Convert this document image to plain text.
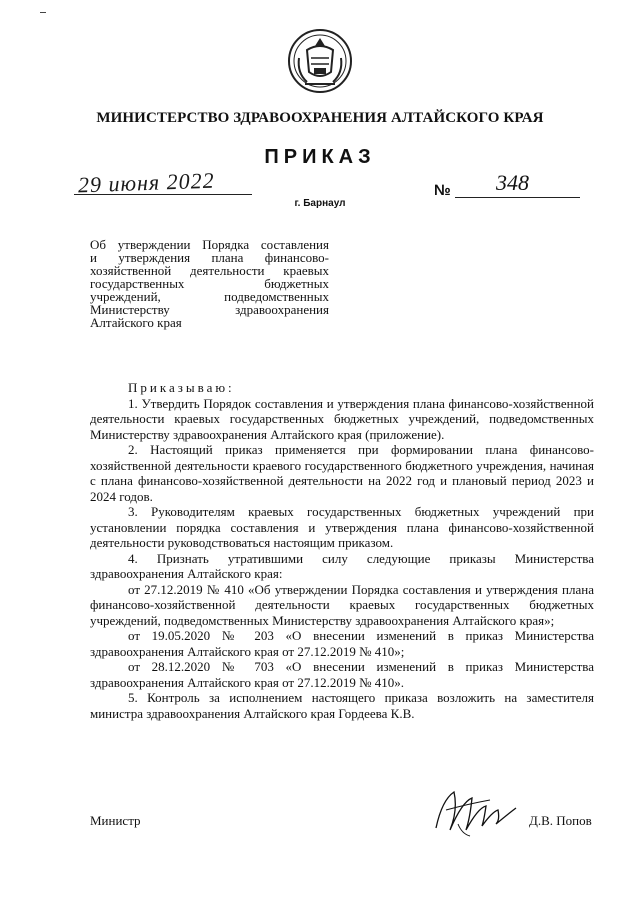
МИНИСТЕРСТВО ЗДРАВООХРАНЕНИЯ АЛТАЙСКОГО КРАЯ
ПРИКАЗ
29 июня 2022	№ 348
г. Барнаул
Об утверждении Порядка составления
и утверждения плана финансово-
хозяйственной деятельности краевых
государственных бюджетных
учреждений, подведомственных
Министерству здравоохранения
Алтайского края

Приказываю:

1. Утвердить Порядок составления и утверждения плана финансово-хозяйственной деятельности краевых государственных бюджетных учреждений, подведомственных Министерству здравоохранения Алтайского края (приложение).

2. Настоящий приказ применяется при формировании плана финансово-хозяйственной деятельности краевого государственного бюджетного учреждения, начиная с плана финансово-хозяйственной деятельности на 2022 год и плановый период 2023 и 2024 годов.

3. Руководителям краевых государственных бюджетных учреждений при установлении порядка составления и утверждения плана финансово-хозяйственной деятельности руководствоваться настоящим приказом.

4. Признать утратившими силу следующие приказы Министерства здравоохранения Алтайского края:

от 27.12.2019 № 410 «Об утверждении Порядка составления и утверждения плана финансово-хозяйственной деятельности краевых государственных бюджетных учреждений, подведомственных Министерству здравоохранения Алтайского края»;

от 19.05.2020 № 203 «О внесении изменений в приказ Министерства здравоохранения Алтайского края от 27.12.2019 № 410»;

от 28.12.2020 № 703 «О внесении изменений в приказ Министерства здравоохранения Алтайского края от 27.12.2019 № 410».

5. Контроль за исполнением настоящего приказа возложить на заместителя министра здравоохранения Алтайского края Гордеева К.В.

Министр	Д.В. Попов
